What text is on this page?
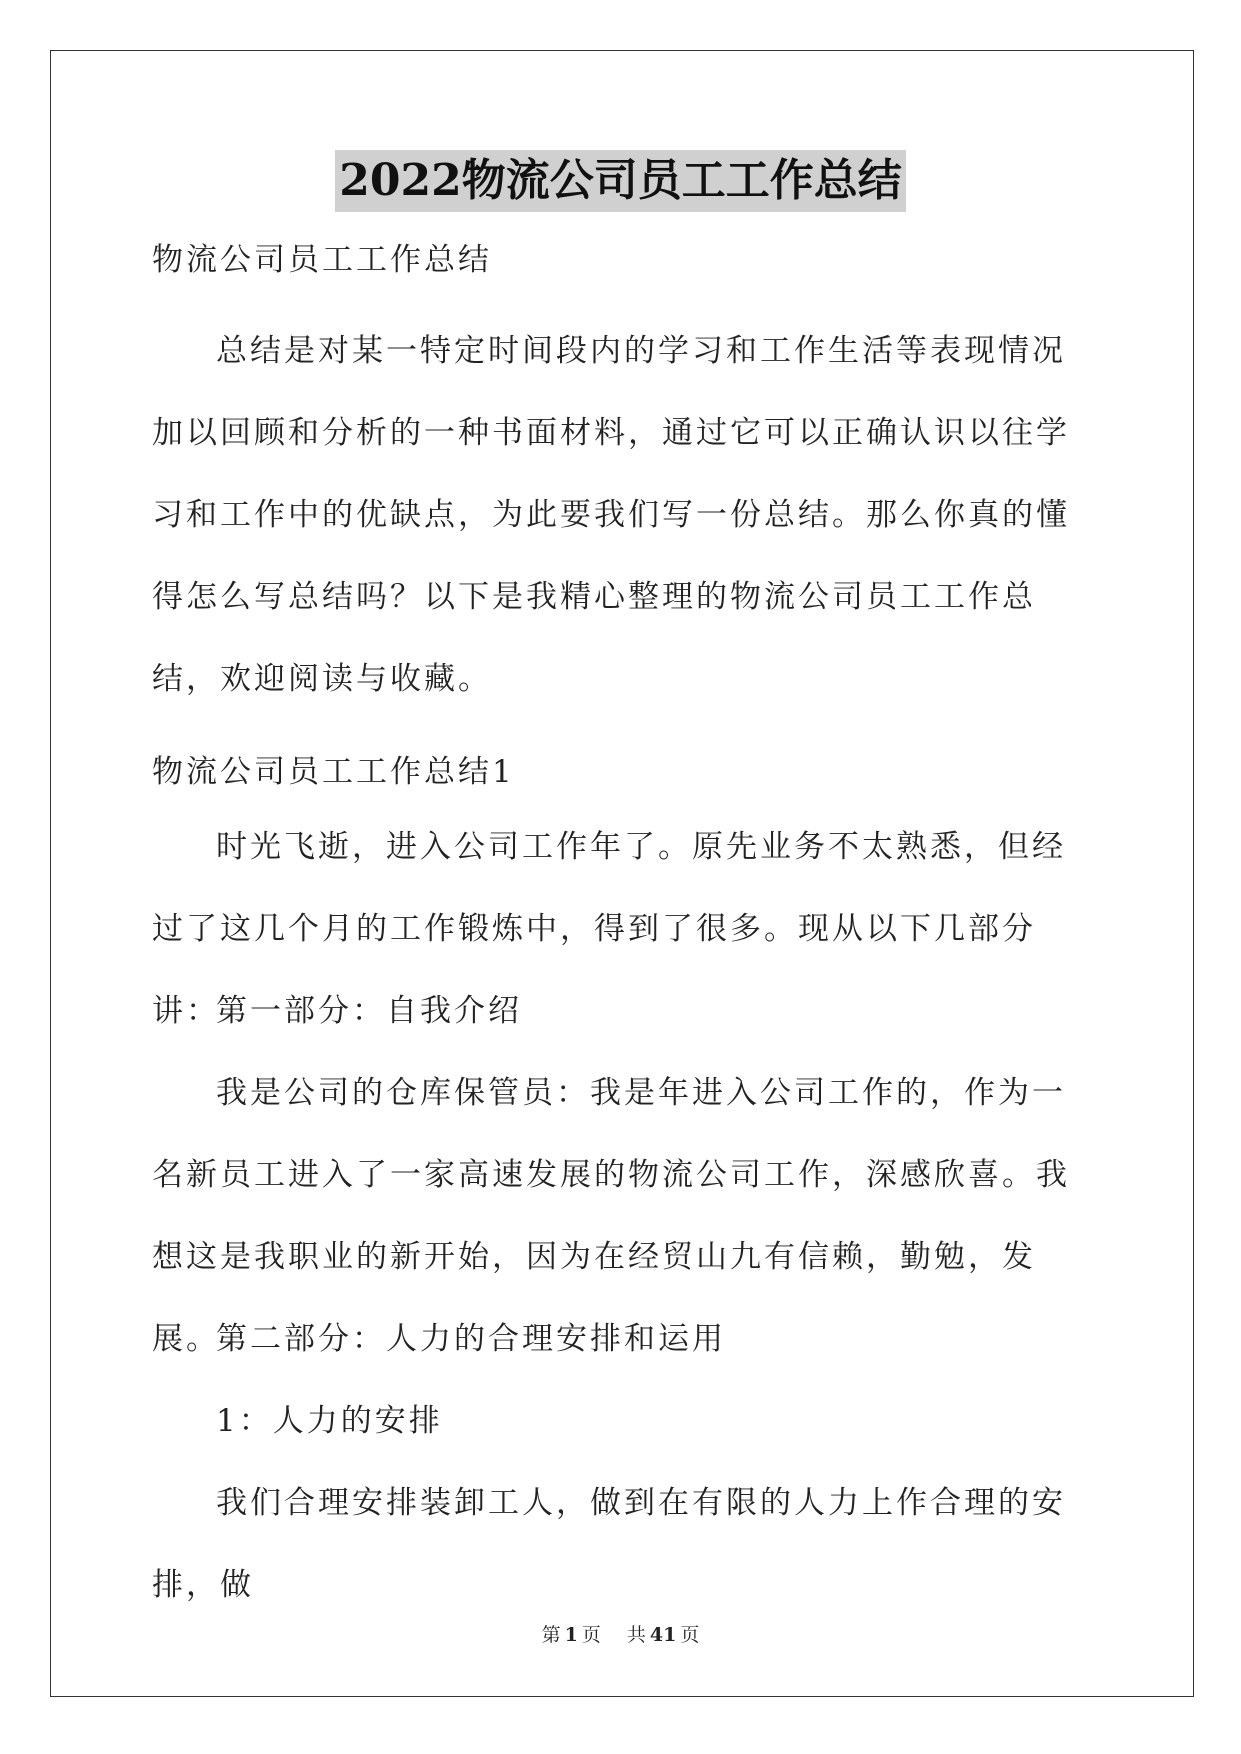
2022物流公司员工工作总结

物流公司员工工作总结

总结是对某一特定时间段内的学习和工作生活等表现情况加以回顾和分析的一种书面材料，通过它可以正确认识以往学习和工作中的优缺点，为此要我们写一份总结。那么你真的懂得怎么写总结吗？以下是我精心整理的物流公司员工工作总结，欢迎阅读与收藏。

物流公司员工工作总结1

时光飞逝，进入公司工作年了。原先业务不太熟悉，但经过了这几个月的工作锻炼中，得到了很多。现从以下几部分讲：

第一部分：自我介绍

我是公司的仓库保管员：我是年进入公司工作的，作为一名新员工进入了一家高速发展的物流公司工作，深感欣喜。我想这是我职业的新开始，因为在经贸山九有信赖，勤勉，发展。

第二部分：人力的合理安排和运用

1：人力的安排

我们合理安排装卸工人，做到在有限的人力上作合理的安排，做

第 1 页 共 41 页
